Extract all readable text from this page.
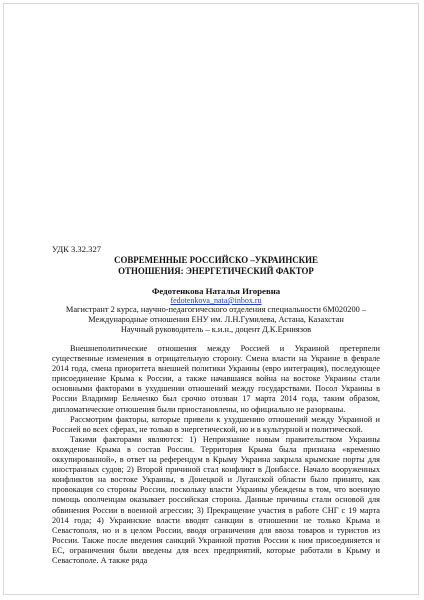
УДК 3.32.327
СОВРЕМЕННЫЕ РОССИЙСКО –УКРАИНСКИЕ
ОТНОШЕНИЯ: ЭНЕРГЕТИЧЕСКИЙ ФАКТОР
Федотенкова Наталья Игоревна
fedotenkova_nata@inbox.ru
Магистрант 2 курса, научно-педагогического отделения специальности 6М020200 –
Международные отношения ЕНУ им. Л.Н.Гумилева, Астана, Казахстан
Научный руководитель – к.и.н., доцент Д.К.Ерниязов

Внешнеполитические отношения между Россией и Украиной претерпели существенные изменения в отрицательную сторону. Смена власти на Украине в феврале 2014 года, смена приоритета внешней политики Украины (евро интеграция), последующее присоединение Крыма к России, а также начавшаяся война на востоке Украины стали основными факторами в ухудшении отношений между государствами. Посол Украины в России Владимир Бельченко был срочно отозван 17 марта 2014 года, таким образом, дипломатические отношения были приостановлены, но официально не разорваны.

Рассмотрим факторы, которые привели к ухудшению отношений между Украиной и Россией во всех сферах, не только в энергетической, но и в культурной и политической.

Такими факторами являются: 1) Непризнание новым правительством Украины вхождение Крыма в состав России. Территория Крыма была признана «временно оккупированной», в ответ на референдум в Крыму Украина закрыла крымские порты для иностранных судов; 2) Второй причиной стал конфликт в Донбассе. Начало вооруженных конфликтов на востоке Украины, в Донецкой и Луганской области было принято, как провокация со стороны России, поскольку власти Украины убеждены в том, что военную помощь ополченцам оказывает российская сторона. Данные причины стали основой для обвинения России в военной агрессии; 3) Прекращение участия в работе СНГ с 19 марта 2014 года; 4) Украинские власти вводят санкции в отношении не только Крыма и Севастополя, но и в целом России, вводя ограничения для ввоза товаров и туристов из России. Также после введения санкций Украиной против России к ним присоединяется и ЕС, ограничения были введены для всех предприятий, которые работали в Крыму и Севастополе. А также ряда
